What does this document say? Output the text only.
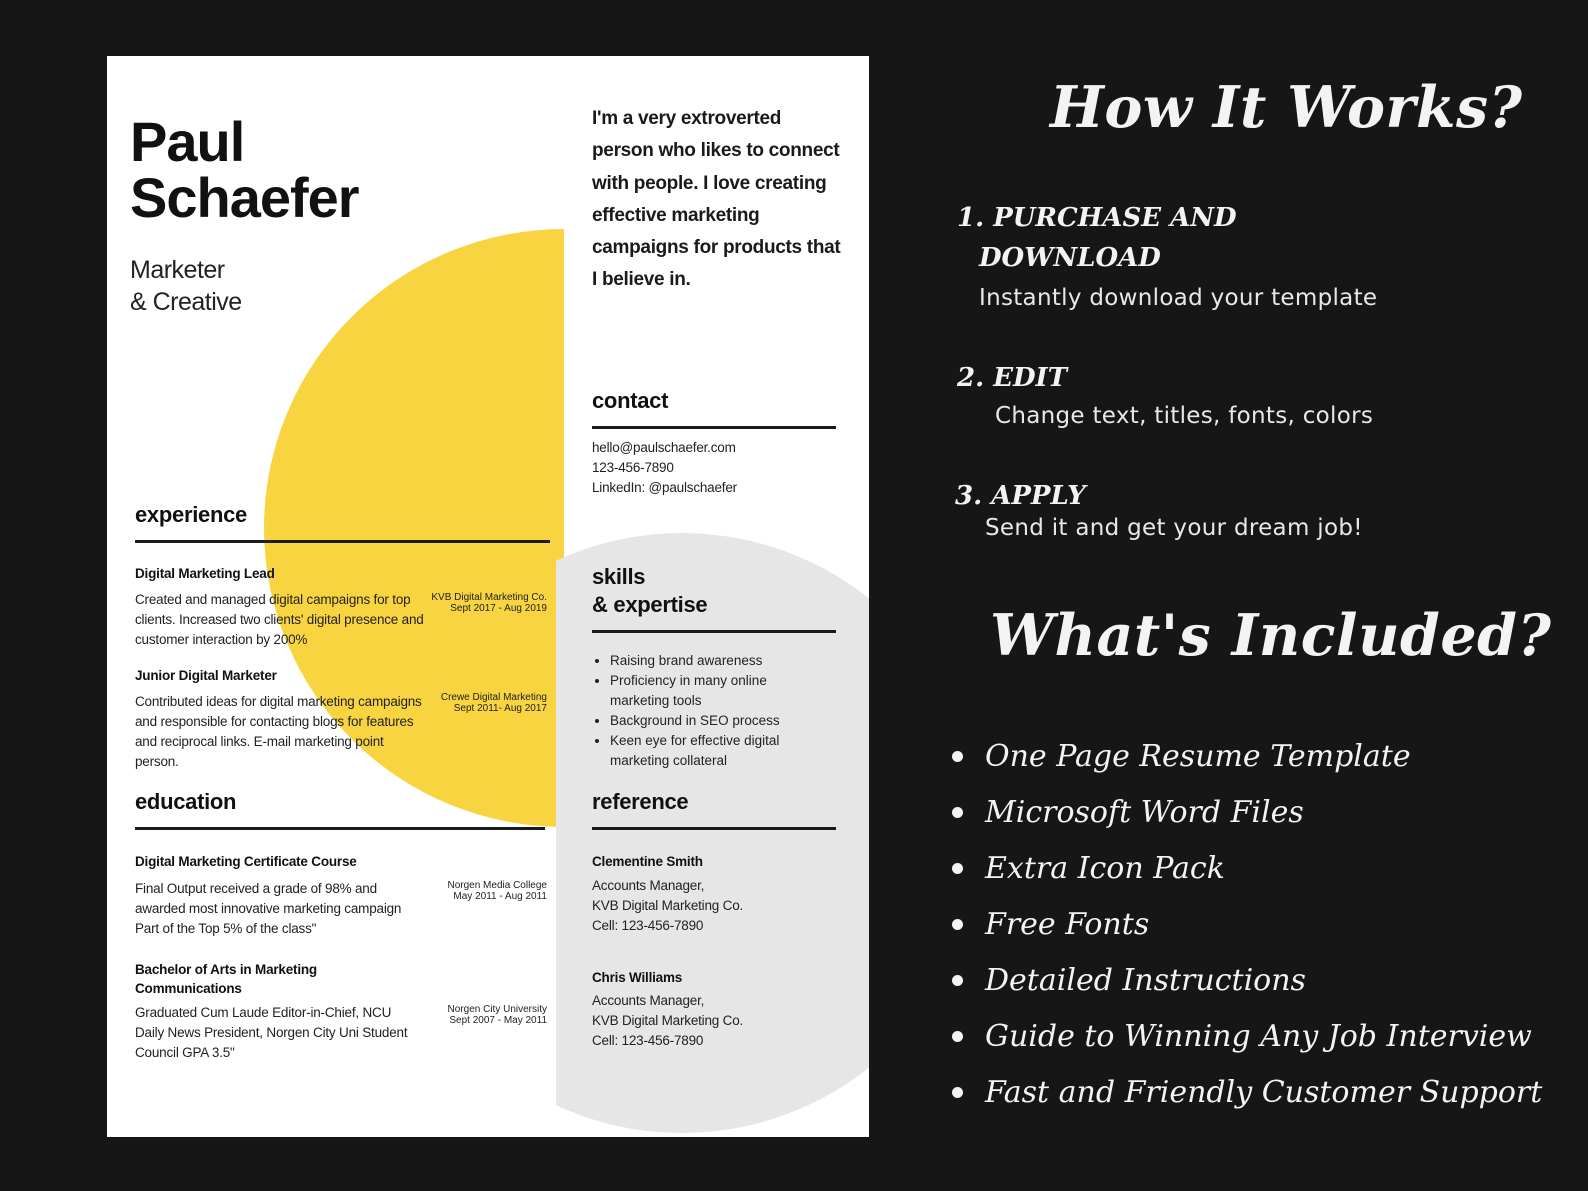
Paul
Schaefer
Marketer
& Creative
I'm a very extroverted person who likes to connect with people. I love creating effective marketing campaigns for products that I believe in.
contact
hello@paulschaefer.com
123-456-7890
LinkedIn: @paulschaefer
experience
Digital Marketing Lead
Created and managed digital campaigns for top clients. Increased two clients' digital presence and customer interaction by 200%
KVB Digital Marketing Co.
Sept 2017 - Aug 2019
Junior Digital Marketer
Contributed ideas for digital marketing campaigns and responsible for contacting blogs for features and reciprocal links. E-mail marketing point person.
Crewe Digital Marketing
Sept 2011- Aug 2017
skills
& expertise
• Raising brand awareness
• Proficiency in many online marketing tools
• Background in SEO process
• Keen eye for effective digital marketing collateral
education
Digital Marketing Certificate Course
Final Output received a grade of 98% and awarded most innovative marketing campaign Part of the Top 5% of the class"
Norgen Media College
May 2011 - Aug 2011
Bachelor of Arts in Marketing Communications
Graduated Cum Laude Editor-in-Chief, NCU Daily News President, Norgen City Uni Student Council GPA 3.5"
Norgen City University
Sept 2007 - May 2011
reference
Clementine Smith
Accounts Manager,
KVB Digital Marketing Co.
Cell: 123-456-7890
Chris Williams
Accounts Manager,
KVB Digital Marketing Co.
Cell: 123-456-7890
How It Works?
1. PURCHASE AND
DOWNLOAD
Instantly download your template
2. EDIT
Change text, titles, fonts, colors
3. APPLY
Send it and get your dream job!
What's Included?
One Page Resume Template
Microsoft Word Files
Extra Icon Pack
Free Fonts
Detailed Instructions
Guide to Winning Any Job Interview
Fast and Friendly Customer Support
